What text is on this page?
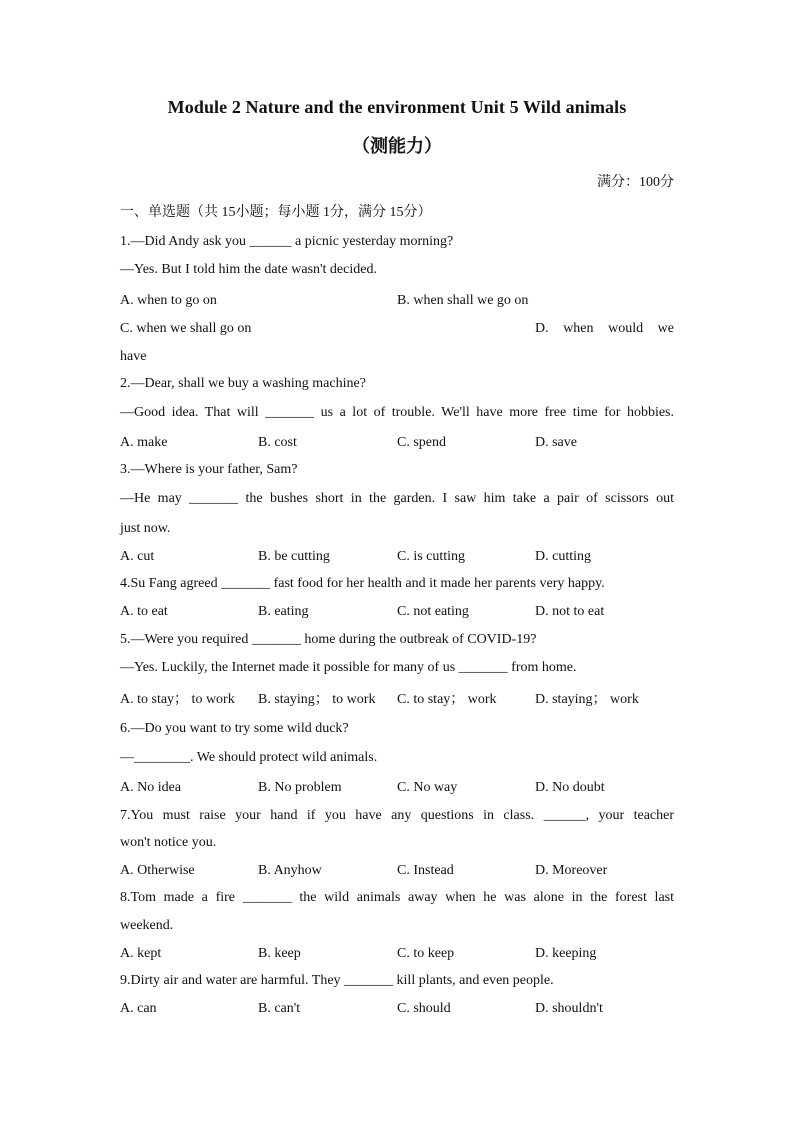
Module 2 Nature and the environment Unit 5 Wild animals
（测能力）
满分：100分
一、单选题（共 15小题；每小题 1分，满分 15分）
1.—Did Andy ask you ______ a picnic yesterday morning?
—Yes. But I told him the date wasn't decided.
A. when to go on	B. when shall we go on
C. when we shall go on	D. when would we
have
2.—Dear, shall we buy a washing machine?
—Good idea. That will _______ us a lot of trouble. We'll have more free time for hobbies.
A. make	B. cost	C. spend	D. save
3.—Where is your father, Sam?
—He may _______ the bushes short in the garden. I saw him take a pair of scissors out
just now.
A. cut	B. be cutting	C. is cutting	D. cutting
4.Su Fang agreed _______ fast food for her health and it made her parents very happy.
A. to eat	B. eating	C. not eating	D. not to eat
5.—Were you required _______ home during the outbreak of COVID-19?
—Yes. Luckily, the Internet made it possible for many of us _______ from home.
A. to stay； to work B. staying； to work C. to stay； work	D. staying； work
6.—Do you want to try some wild duck?
—________. We should protect wild animals.
A. No idea	B. No problem	C. No way	D. No doubt
7.You must raise your hand if you have any questions in class. ______, your teacher
won't notice you.
A. Otherwise	B. Anyhow	C. Instead	D. Moreover
8.Tom made a fire _______ the wild animals away when he was alone in the forest last
weekend.
A. kept	B. keep	C. to keep	D. keeping
9.Dirty air and water are harmful. They _______ kill plants, and even people.
A. can	B. can't	C. should	D. shouldn't
